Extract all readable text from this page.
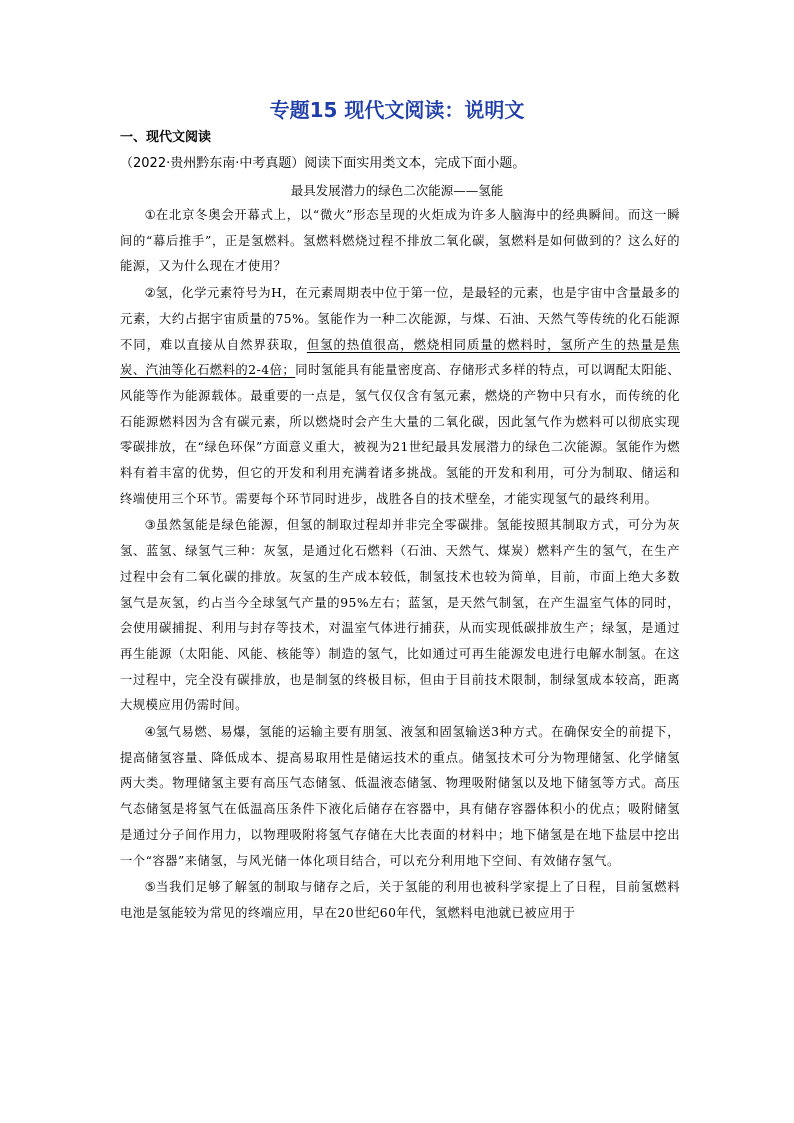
专题15 现代文阅读：说明文
一、现代文阅读
（2022·贵州黔东南·中考真题）阅读下面实用类文本，完成下面小题。
最具发展潜力的绿色二次能源——氢能

①在北京冬奥会开幕式上，以“微火”形态呈现的火炬成为许多人脑海中的经典瞬间。而这一瞬间的“幕后推手”，正是氢燃料。氢燃料燃烧过程不排放二氧化碳，氢燃料是如何做到的？这么好的能源，又为什么现在才使用？

②氢，化学元素符号为H，在元素周期表中位于第一位，是最轻的元素，也是宇宙中含量最多的元素，大约占据宇宙质量的75%。氢能作为一种二次能源，与煤、石油、天然气等传统的化石能源不同，难以直接从自然界获取，但氢的热值很高，燃烧相同质量的燃料时，氢所产生的热量是焦炭、汽油等化石燃料的2-4倍；同时氢能具有能量密度高、存储形式多样的特点，可以调配太阳能、风能等作为能源载体。最重要的一点是，氢气仅仅含有氢元素，燃烧的产物中只有水，而传统的化石能源燃料因为含有碳元素，所以燃烧时会产生大量的二氧化碳，因此氢气作为燃料可以彻底实现零碳排放，在“绿色环保”方面意义重大，被视为21世纪最具发展潜力的绿色二次能源。氢能作为燃料有着丰富的优势，但它的开发和利用充满着诸多挑战。氢能的开发和利用，可分为制取、储运和终端使用三个环节。需要每个环节同时进步，战胜各自的技术壁垒，才能实现氢气的最终利用。

③虽然氢能是绿色能源，但氢的制取过程却并非完全零碳排。氢能按照其制取方式，可分为灰氢、蓝氢、绿氢气三种：灰氢，是通过化石燃料（石油、天然气、煤炭）燃料产生的氢气，在生产过程中会有二氧化碳的排放。灰氢的生产成本较低，制氢技术也较为简单，目前，市面上绝大多数氢气是灰氢，约占当今全球氢气产量的95%左右；蓝氢，是天然气制氢，在产生温室气体的同时，会使用碳捕捉、利用与封存等技术，对温室气体进行捕获，从而实现低碳排放生产；绿氢，是通过再生能源（太阳能、风能、核能等）制造的氢气，比如通过可再生能源发电进行电解水制氢。在这一过程中，完全没有碳排放，也是制氢的终极目标，但由于目前技术限制，制绿氢成本较高，距离大规模应用仍需时间。

④氢气易燃、易爆，氢能的运输主要有朋氢、液氢和固氢输送3种方式。在确保安全的前提下，提高储氢容量、降低成本、提高易取用性是储运技术的重点。储氢技术可分为物理储氢、化学储氢两大类。物理储氢主要有高压气态储氢、低温液态储氢、物理吸附储氢以及地下储氢等方式。高压气态储氢是将氢气在低温高压条件下液化后储存在容器中，具有储存容器体积小的优点；吸附储氢是通过分子间作用力，以物理吸附将氢气存储在大比表面的材料中；地下储氢是在地下盐层中挖出一个“容器”来储氢，与风光储一体化项目结合，可以充分利用地下空间、有效储存氢气。

⑤当我们足够了解氢的制取与储存之后，关于氢能的利用也被科学家提上了日程，目前氢燃料电池是氢能较为常见的终端应用，早在20世纪60年代，氢燃料电池就已被应用于
